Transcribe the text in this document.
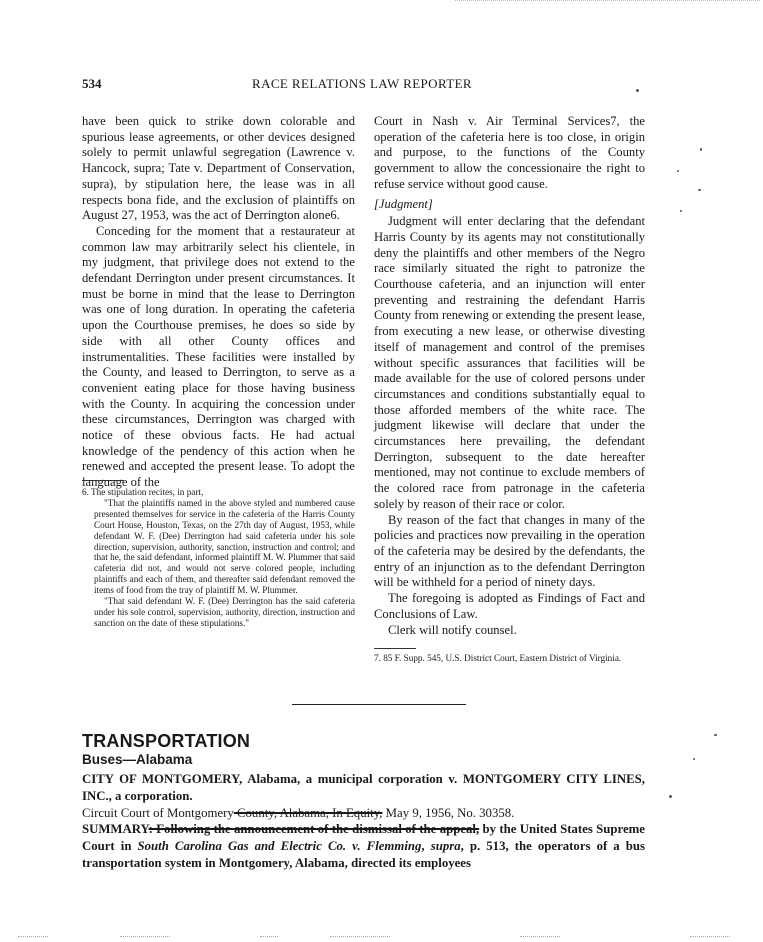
534	RACE RELATIONS LAW REPORTER

have been quick to strike down colorable and spurious lease agreements, or other devices designed solely to permit unlawful segregation (Lawrence v. Hancock, supra; Tate v. Department of Conservation, supra), by stipulation here, the lease was in all respects bona fide, and the exclusion of plaintiffs on August 27, 1953, was the act of Derrington alone6.

Conceding for the moment that a restaurateur at common law may arbitrarily select his clientele, in my judgment, that privilege does not extend to the defendant Derrington under present circumstances. It must be borne in mind that the lease to Derrington was one of long duration. In operating the cafeteria upon the Courthouse premises, he does so side by side with all other County offices and instrumentalities. These facilities were installed by the County, and leased to Derrington, to serve as a convenient eating place for those having business with the County. In acquiring the concession under these circumstances, Derrington was charged with notice of these obvious facts. He had actual knowledge of the pendency of this action when he renewed and accepted the present lease. To adopt the language of the

6. The stipulation recites, in part,

"That the plaintiffs named in the above styled and numbered cause presented themselves for service in the cafeteria of the Harris County Court House, Houston, Texas, on the 27th day of August, 1953, while defendant W. F. (Dee) Derrington had said cafeteria under his sole direction, supervision, authority, sanction, instruction and control; and that he, the said defendant, informed plaintiff M. W. Plummer that said cafeteria did not, and would not serve colored people, including plaintiffs and each of them, and thereafter said defendant removed the items of food from the tray of plaintiff M. W. Plummer.

"That said defendant W. F. (Dee) Derrington has the said cafeteria under his sole control, supervision, authority, direction, instruction and sanction on the date of these stipulations."

Court in Nash v. Air Terminal Services7, the operation of the cafeteria here is too close, in origin and purpose, to the functions of the County government to allow the concessionaire the right to refuse service without good cause.

[Judgment]

Judgment will enter declaring that the defendant Harris County by its agents may not constitutionally deny the plaintiffs and other members of the Negro race similarly situated the right to patronize the Courthouse cafeteria, and an injunction will enter preventing and restraining the defendant Harris County from renewing or extending the present lease, from executing a new lease, or otherwise divesting itself of management and control of the premises without specific assurances that facilities will be made available for the use of colored persons under circumstances and conditions substantially equal to those afforded members of the white race. The judgment likewise will declare that under the circumstances here prevailing, the defendant Derrington, subsequent to the date hereafter mentioned, may not continue to exclude members of the colored race from patronage in the cafeteria solely by reason of their race or color.

By reason of the fact that changes in many of the policies and practices now prevailing in the operation of the cafeteria may be desired by the defendants, the entry of an injunction as to the defendant Derrington will be withheld for a period of ninety days.

The foregoing is adopted as Findings of Fact and Conclusions of Law.

Clerk will notify counsel.

7. 85 F. Supp. 545, U.S. District Court, Eastern District of Virginia.

TRANSPORTATION
Buses—Alabama

CITY OF MONTGOMERY, Alabama, a municipal corporation v. MONTGOMERY CITY LINES, INC., a corporation.

Circuit Court of Montgomery County, Alabama, In Equity, May 9, 1956, No. 30358.

SUMMARY: Following the announcement of the dismissal of the appeal, by the United States Supreme Court in South Carolina Gas and Electric Co. v. Flemming, supra, p. 513, the operators of a bus transportation system in Montgomery, Alabama, directed its employees
